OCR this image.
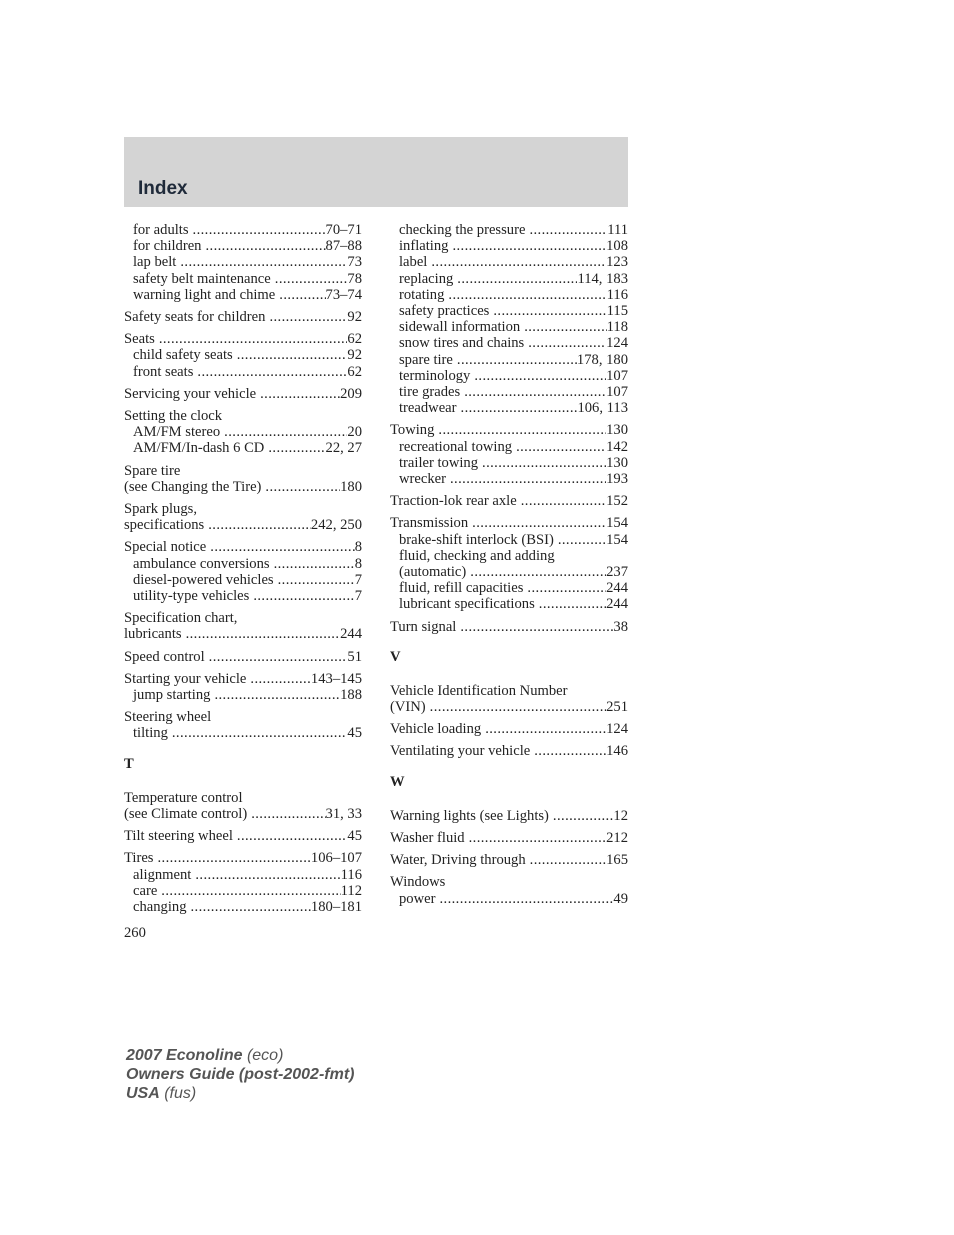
Index
for adults .....	70–71
for children .....	87–88
lap belt .....	73
safety belt maintenance .....	78
warning light and chime .....	73–74
Safety seats for children .....	92
Seats .....	62
child safety seats .....	92
front seats .....	62
Servicing your vehicle .....	209
Setting the clock
AM/FM stereo .....	20
AM/FM/In-dash 6 CD .....	22, 27
Spare tire
(see Changing the Tire) .....	180
Spark plugs,
specifications .....	242, 250
Special notice .....	8
ambulance conversions .....	8
diesel-powered vehicles .....	7
utility-type vehicles .....	7
Specification chart,
lubricants .....	244
Speed control .....	51
Starting your vehicle .....	143–145
jump starting .....	188
Steering wheel
tilting .....	45
T
Temperature control
(see Climate control) .....	31, 33
Tilt steering wheel .....	45
Tires .....	106–107
alignment .....	116
care .....	112
changing .....	180–181
checking the pressure .....	111
inflating .....	108
label .....	123
replacing .....	114, 183
rotating .....	116
safety practices .....	115
sidewall information .....	118
snow tires and chains .....	124
spare tire .....	178, 180
terminology .....	107
tire grades .....	107
treadwear .....	106, 113
Towing .....	130
recreational towing .....	142
trailer towing .....	130
wrecker .....	193
Traction-lok rear axle .....	152
Transmission .....	154
brake-shift interlock (BSI) .....	154
fluid, checking and adding
(automatic) .....	237
fluid, refill capacities .....	244
lubricant specifications .....	244
Turn signal .....	38
V
Vehicle Identification Number
(VIN) .....	251
Vehicle loading .....	124
Ventilating your vehicle .....	146
W
Warning lights (see Lights) .....	12
Washer fluid .....	212
Water, Driving through .....	165
Windows
power .....	49
260
2007 Econoline (eco)
Owners Guide (post-2002-fmt)
USA (fus)
